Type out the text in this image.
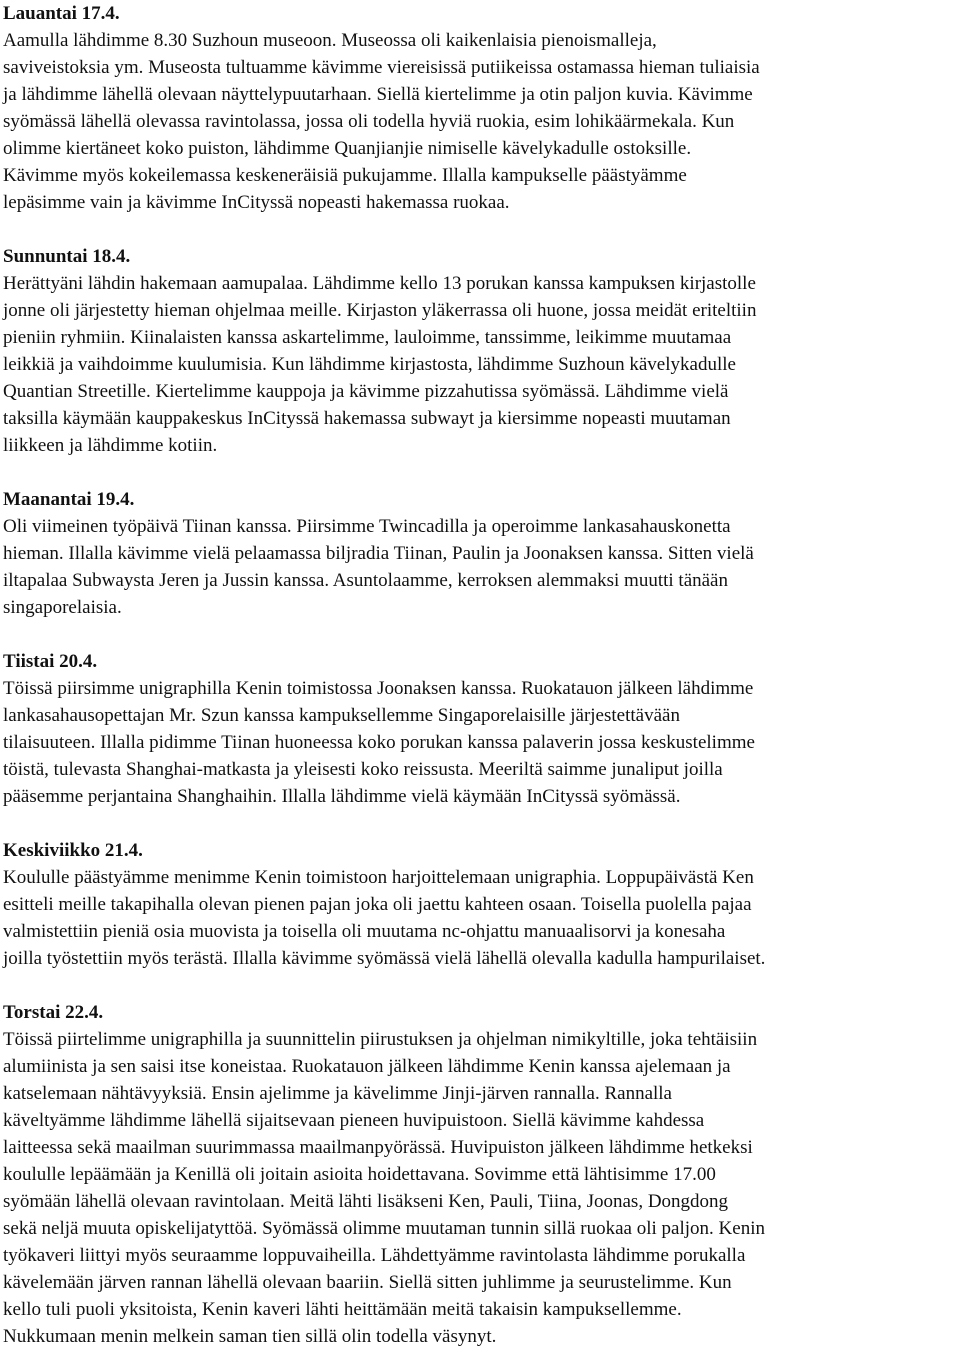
Lauantai 17.4.
Aamulla lähdimme 8.30 Suzhoun museoon. Museossa oli kaikenlaisia pienoismalleja,
saviveistoksia ym. Museosta tultuamme kävimme viereisissä putiikeissa ostamassa hieman tuliaisia
ja lähdimme lähellä olevaan näyttelypuutarhaan. Siellä kiertelimme ja otin paljon kuvia. Kävimme
syömässä lähellä olevassa ravintolassa, jossa oli todella hyviä ruokia, esim lohikäärmekala. Kun
olimme kiertäneet koko puiston, lähdimme Quanjianjie nimiselle kävelykadulle ostoksille.
Kävimme myös kokeilemassa keskeneräisiä pukujamme. Illalla kampukselle päästyämme
lepäsimme vain ja kävimme InCityssä nopeasti hakemassa ruokaa.
Sunnuntai 18.4.
Herättyäni lähdin hakemaan aamupalaa. Lähdimme kello 13 porukan kanssa kampuksen kirjastolle
jonne oli järjestetty hieman ohjelmaa meille. Kirjaston yläkerrassa oli huone, jossa meidät eriteltiin
pieniin ryhmiin. Kiinalaisten kanssa askartelimme, lauloimme, tanssimme, leikimme muutamaa
leikkiä ja vaihdoimme kuulumisia. Kun lähdimme kirjastosta, lähdimme Suzhoun kävelykadulle
Quantian Streetille. Kiertelimme kauppoja ja kävimme pizzahutissa syömässä. Lähdimme vielä
taksilla käymään kauppakeskus InCityssä hakemassa subwayt ja kiersimme nopeasti muutaman
liikkeen ja lähdimme kotiin.
Maanantai 19.4.
Oli viimeinen työpäivä Tiinan kanssa. Piirsimme Twincadilla ja operoimme lankasahauskonetta
hieman. Illalla kävimme vielä pelaamassa biljradia Tiinan, Paulin ja Joonaksen kanssa. Sitten vielä
iltapalaa Subwaysta Jeren ja Jussin kanssa. Asuntolaamme, kerroksen alemmaksi muutti tänään
singaporelaisia.
Tiistai 20.4.
Töissä piirsimme unigraphilla Kenin toimistossa Joonaksen kanssa. Ruokatauon jälkeen lähdimme
lankasahausopettajan Mr. Szun kanssa kampuksellemme Singaporelaisille järjestettävään
tilaisuuteen. Illalla pidimme Tiinan huoneessa koko porukan kanssa palaverin jossa keskustelimme
töistä, tulevasta Shanghai-matkasta ja yleisesti koko reissusta. Meeriltä saimme junaliput joilla
pääsemme perjantaina Shanghaihin. Illalla lähdimme vielä käymään InCityssä syömässä.
Keskiviikko 21.4.
Koululle päästyämme menimme Kenin toimistoon harjoittelemaan unigraphia. Loppupäivästä Ken
esitteli meille takapihalla olevan pienen pajan joka oli jaettu kahteen osaan. Toisella puolella pajaa
valmistettiin pieniä osia muovista ja toisella oli muutama nc-ohjattu manuaalisorvi ja konesaha
joilla työstettiin myös terästä. Illalla kävimme syömässä vielä lähellä olevalla kadulla hampurilaiset.
Torstai 22.4.
Töissä piirtelimme unigraphilla ja suunnittelin piirustuksen ja ohjelman nimikyltille, joka tehtäisiin
alumiinista ja sen saisi itse koneistaa. Ruokatauon jälkeen lähdimme Kenin kanssa ajelemaan ja
katselemaan nähtävyyksiä. Ensin ajelimme ja kävelimme Jinji-järven rannalla. Rannalla
käveltyämme lähdimme lähellä sijaitsevaan pieneen huvipuistoon. Siellä kävimme kahdessa
laitteessa sekä maailman suurimmassa maailmanpyörässä. Huvipuiston jälkeen lähdimme hetkeksi
koululle lepäämään ja Kenillä oli joitain asioita hoidettavana. Sovimme että lähtisimme 17.00
syömään lähellä olevaan ravintolaan. Meitä lähti lisäkseni Ken, Pauli, Tiina, Joonas, Dongdong
sekä neljä muuta opiskelijatyttöä. Syömässä olimme muutaman tunnin sillä ruokaa oli paljon. Kenin
työkaveri liittyi myös seuraamme loppuvaiheilla. Lähdettyämme ravintolasta lähdimme porukalla
kävelemään järven rannan lähellä olevaan baariin. Siellä sitten juhlimme ja seurustelimme. Kun
kello tuli puoli yksitoista, Kenin kaveri lähti heittämään meitä takaisin kampuksellemme.
Nukkumaan menin melkein saman tien sillä olin todella väsynyt.
